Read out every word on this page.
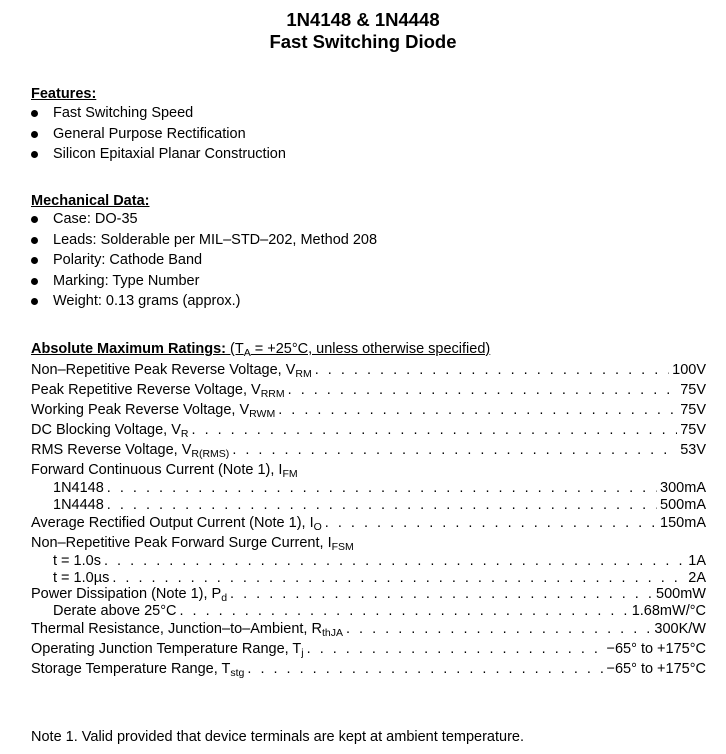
1N4148 & 1N4448
Fast Switching Diode
Features:
Fast Switching Speed
General Purpose Rectification
Silicon Epitaxial Planar Construction
Mechanical Data:
Case: DO‑35
Leads: Solderable per MIL–STD–202, Method 208
Polarity: Cathode Band
Marking: Type Number
Weight: 0.13 grams (approx.)
Absolute Maximum Ratings: ($T_A = +25^\circ C$, unless otherwise specified)
Non–Repetitive Peak Reverse Voltage, $V_{RM}$ . . .	100V
Peak Repetitive Reverse Voltage, $V_{RRM}$ . . .	75V
Working Peak Reverse Voltage, $V_{RWM}$ . . .	75V
DC Blocking Voltage, $V_R$ . . .	75V
RMS Reverse Voltage, $V_{R(RMS)}$ . . .	53V
Forward Continuous Current (Note 1), $I_{FM}$
1N4148 . . .	300mA
1N4448 . . .	500mA
Average Rectified Output Current (Note 1), $I_O$ . . .	150mA
Non–Repetitive Peak Forward Surge Current, $I_{FSM}$
t = 1.0s . . .	1A
t = 1.0µs . . .	2A
Power Dissipation (Note 1), $P_d$ . . .	500mW
Derate above 25°C . . .	1.68mW/°C
Thermal Resistance, Junction–to–Ambient, $R_{thJA}$ . . .	300K/W
Operating Junction Temperature Range, $T_j$ . . .	−65° to +175°C
Storage Temperature Range, $T_{stg}$ . . .	−65° to +175°C
Note 1. Valid provided that device terminals are kept at ambient temperature.
